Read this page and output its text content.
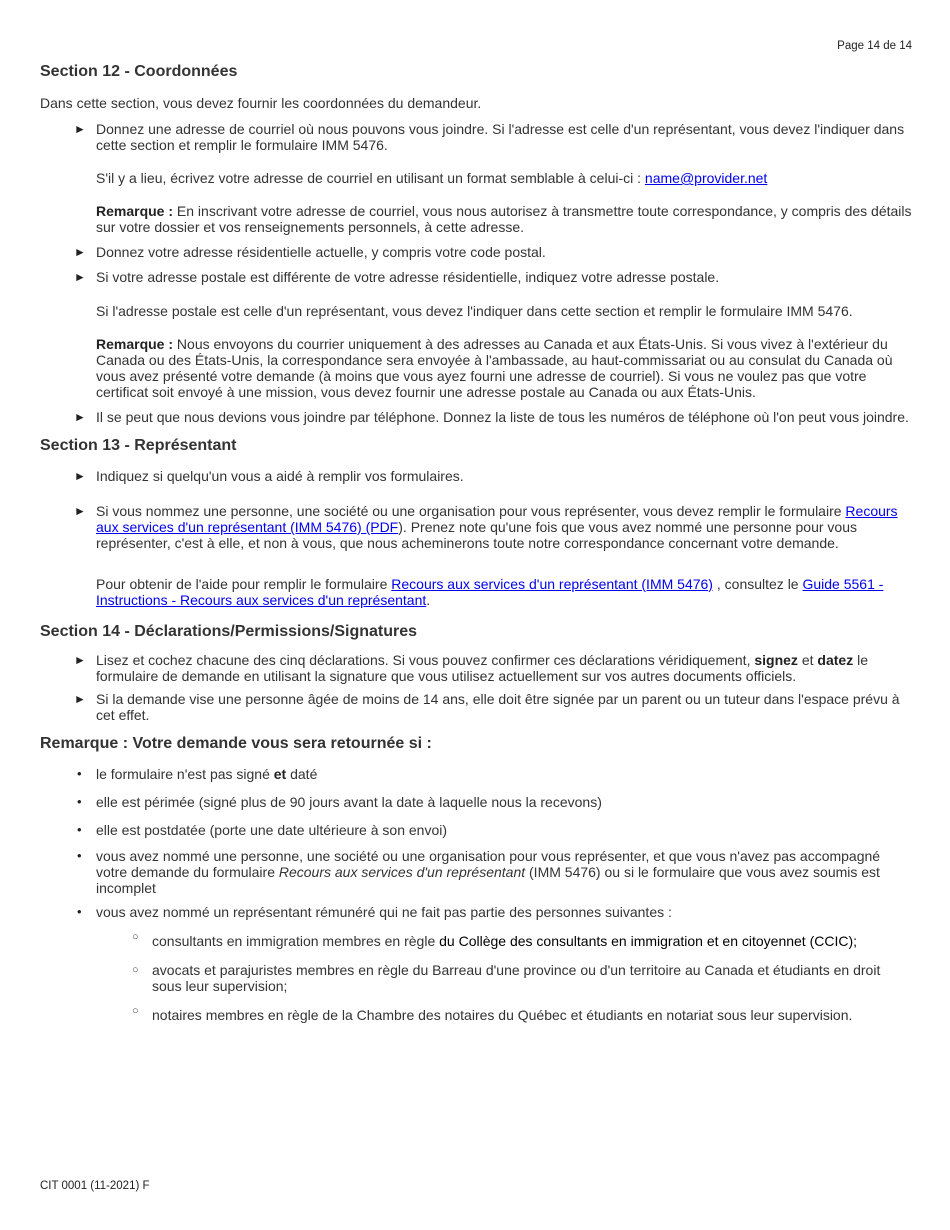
Page 14 de 14
Section 12 - Coordonnées

Dans cette section, vous devez fournir les coordonnées du demandeur.

► Donnez une adresse de courriel où nous pouvons vous joindre. Si l'adresse est celle d'un représentant, vous devez l'indiquer dans cette section et remplir le formulaire IMM 5476.

S'il y a lieu, écrivez votre adresse de courriel en utilisant un format semblable à celui-ci : name@provider.net

Remarque : En inscrivant votre adresse de courriel, vous nous autorisez à transmettre toute correspondance, y compris des détails sur votre dossier et vos renseignements personnels, à cette adresse.

► Donnez votre adresse résidentielle actuelle, y compris votre code postal.
► Si votre adresse postale est différente de votre adresse résidentielle, indiquez votre adresse postale.

Si l'adresse postale est celle d'un représentant, vous devez l'indiquer dans cette section et remplir le formulaire IMM 5476.

Remarque : Nous envoyons du courrier uniquement à des adresses au Canada et aux États-Unis. Si vous vivez à l'extérieur du Canada ou des États-Unis, la correspondance sera envoyée à l'ambassade, au haut-commissariat ou au consulat du Canada où vous avez présenté votre demande (à moins que vous ayez fourni une adresse de courriel). Si vous ne voulez pas que votre certificat soit envoyé à une mission, vous devez fournir une adresse postale au Canada ou aux États-Unis.

► Il se peut que nous devions vous joindre par téléphone. Donnez la liste de tous les numéros de téléphone où l'on peut vous joindre.
Section 13 - Représentant
► Indiquez si quelqu'un vous a aidé à remplir vos formulaires.
► Si vous nommez une personne, une société ou une organisation pour vous représenter, vous devez remplir le formulaire Recours aux services d'un représentant (IMM 5476) (PDF). Prenez note qu'une fois que vous avez nommé une personne pour vous représenter, c'est à elle, et non à vous, que nous acheminerons toute notre correspondance concernant votre demande.

Pour obtenir de l'aide pour remplir le formulaire Recours aux services d'un représentant (IMM 5476) , consultez le Guide 5561 - Instructions - Recours aux services d'un représentant.

Section 14 - Déclarations/Permissions/Signatures
► Lisez et cochez chacune des cinq déclarations. Si vous pouvez confirmer ces déclarations véridiquement, signez et datez le formulaire de demande en utilisant la signature que vous utilisez actuellement sur vos autres documents officiels.
► Si la demande vise une personne âgée de moins de 14 ans, elle doit être signée par un parent ou un tuteur dans l'espace prévu à cet effet.
Remarque : Votre demande vous sera retournée si :
• le formulaire n'est pas signé et daté
• elle est périmée (signé plus de 90 jours avant la date à laquelle nous la recevons)
• elle est postdatée (porte une date ultérieure à son envoi)
• vous avez nommé une personne, une société ou une organisation pour vous représenter, et que vous n'avez pas accompagné votre demande du formulaire Recours aux services d'un représentant (IMM 5476) ou si le formulaire que vous avez soumis est incomplet
• vous avez nommé un représentant rémunéré qui ne fait pas partie des personnes suivantes :
○ consultants en immigration membres en règle du Collège des consultants en immigration et en citoyennet (CCIC);
○ avocats et parajuristes membres en règle du Barreau d'une province ou d'un territoire au Canada et étudiants en droit sous leur supervision;
○ notaires membres en règle de la Chambre des notaires du Québec et étudiants en notariat sous leur supervision.
CIT 0001 (11-2021) F
